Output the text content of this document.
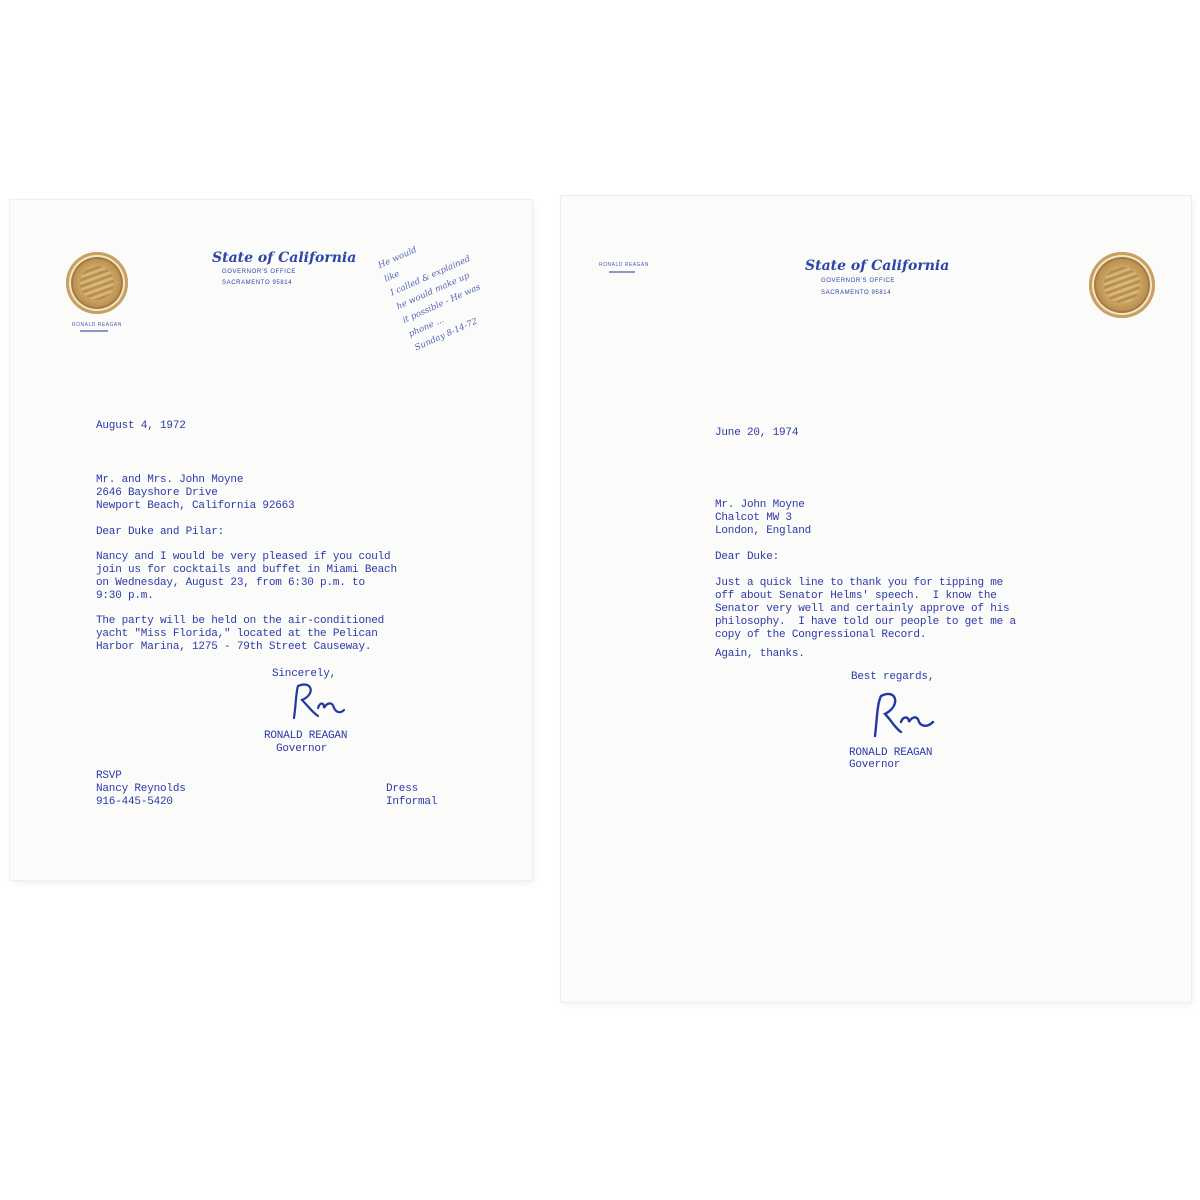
RONALD REAGAN
State of California
GOVERNOR'S OFFICE
SACRAMENTO 95814
He would
like
I called & explained
he would make up
it possible - He was
phone ...
Sunday 8-14-72
August 4, 1972
Mr. and Mrs. John Moyne
2646 Bayshore Drive
Newport Beach, California 92663
Dear Duke and Pilar:
Nancy and I would be very pleased if you could
join us for cocktails and buffet in Miami Beach
on Wednesday, August 23, from 6:30 p.m. to
9:30 p.m.
The party will be held on the air-conditioned
yacht "Miss Florida," located at the Pelican
Harbor Marina, 1275 - 79th Street Causeway.
Sincerely,
RONALD REAGAN
Governor
RSVP
Nancy Reynolds
916-445-5420
Dress
Informal
RONALD REAGAN	State of California
GOVERNOR'S OFFICE
SACRAMENTO 95814
June 20, 1974
Mr. John Moyne
Chalcot MW 3
London, England
Dear Duke:
Just a quick line to thank you for tipping me
off about Senator Helms' speech.  I know the
Senator very well and certainly approve of his
philosophy.  I have told our people to get me a
copy of the Congressional Record.
Again, thanks.
Best regards,
RONALD REAGAN
Governor
